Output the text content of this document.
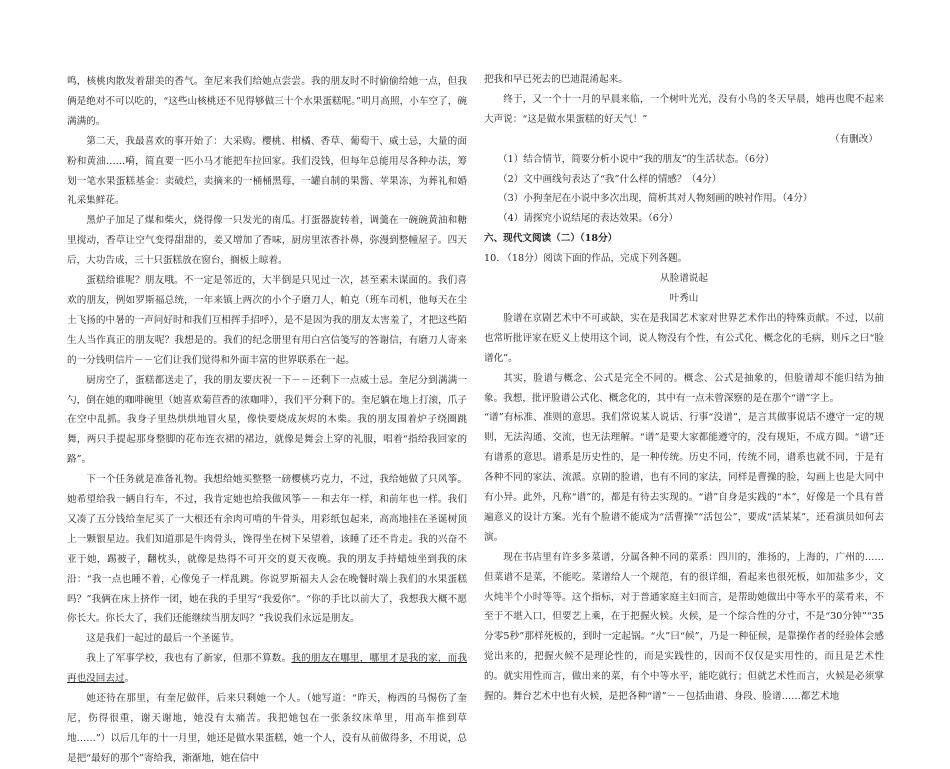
鸣，核桃肉散发着甜美的香气。奎尼来我们给她点尝尝。我的朋友时不时偷偷给她一点，但我俩是绝对不可以吃的，“这些山核桃还不见得够做三十个水果蛋糕呢。”明月高照，小车空了，碗满满的。

第二天，我最喜欢的事开始了：大采购。樱桃、柑橘、香草、葡萄干、威士忌，大量的面粉和黄油……嗬，简直要一匹小马才能把车拉回家。我们没钱，但每年总能用尽各种办法，筹划一笔水果蛋糕基金：卖破烂，卖摘来的一桶桶黑莓，一罐自制的果酱、苹果冻，为葬礼和婚礼采集鲜花。

黑炉子加足了煤和柴火，烧得像一只发光的南瓜。打蛋器旋转着，调羹在一碗碗黄油和糖里搅动，香草让空气变得甜甜的，姜又增加了香味，厨房里浓香扑鼻，弥漫到整幢屋子。四天后，大功告成，三十只蛋糕放在窗台，搁板上晾着。

蛋糕给谁呢？朋友哦。不一定是邻近的，大半倒是只见过一次，甚至素未谋面的。我们喜欢的朋友，例如罗斯福总统，一年来镇上两次的小个子磨刀人，帕克（班车司机，他每天在尘土飞扬的中暑的一声问好时和我们互相挥手招呼），是不是因为我的朋友太害羞了，才把这些陌生人当作真正的朋友呢？我想是的。我们的纪念册里有用白宫信笺写的答谢信，有磨刀人寄来的一分钱明信片－－它们让我们觉得和外面丰富的世界联系在一起。

厨房空了，蛋糕都送走了，我的朋友要庆祝一下－－还剩下一点威士忌。奎尼分到满满一勺，倒在她的咖啡碗里（她喜欢菊苣香的浓咖啡），我们平分剩下的。奎尼躺在地上打滚，爪子在空中乱抓。我身子里热烘烘地冒火星，像快要烧成灰烬的木柴。我的朋友围着炉子绕圈跳舞，两只手提起那身整脚的花布连衣裙的裙边，就像是舞会上穿的礼服，唱着“指给我回家的路”。

下一个任务就是准备礼物。我想给她买整整一磅樱桃巧克力，不过，我给她做了只风筝。她希望给我一辆自行车，不过，我肯定她也给我做风筝－－和去年一样，和前年也一样。我们又凑了五分钱给奎尼买了一大根还有余肉可啃的牛骨头，用彩纸包起来，高高地挂在圣诞树顶上一颗银星边。我们知道那是牛肉骨头，馋得坐在树下呆望着，该睡了还不肯走。我的兴奋不亚于她，踢被子，翻枕头，就像是热得不可开交的夏天夜晚。我的朋友手持蜡烛坐到我的床沿：“我一点也睡不着，心像兔子一样乱跳。你说罗斯福夫人会在晚餐时端上我们的水果蛋糕吗？”我俩在床上挤作一团，她在我的手里写“我爱你”。“你的手比以前大了，我想我大概不愿你长大。你长大了，我们还能继续当朋友吗？”我说我们永远是朋友。

这是我们一起过的最后一个圣诞节。

我上了军事学校，我也有了新家，但那不算数。我的朋友在哪里，哪里才是我的家，而我再也没回去过。

她还待在那里，有奎尼做伴，后来只剩她一个人。（她写道：“昨天，梅西的马惕伤了奎尼，伤得很重，谢天谢地，她没有太痛苦。我把她包在一张条纹床单里，用高车推到草地……”）以后几年的十一月里，她还是做水果蛋糕，她一个人，没有从前做得多，不用说，总是把“最好的那个”寄给我，渐渐地，她在信中

把我和早已死去的巴迪混淆起来。

终于，又一个十一月的早晨来临，一个树叶光光，没有小鸟的冬天早晨，她再也爬不起来大声说：“这是做水果蛋糕的好天气！”

（有删改）

（1）结合情节，简要分析小说中“我的朋友”的生活状态。（6分）

（2）文中画线句表达了“我”什么样的情感？（4分）

（3）小狗奎尼在小说中多次出现，简析其对人物刻画的映衬作用。（4分）

（4）请探究小说结尾的表达效果。（6分）

六、现代文阅读（二）（18分）

10. （18分）阅读下面的作品，完成下列各题。

从脸谱说起

叶秀山

脸谱在京剧艺术中不可或缺，实在是我国艺术家对世界艺术作出的特殊贡献。不过，以前也常听批评家在贬义上使用这个词，说人物没有个性，有公式化、概念化的毛病，则斥之曰“脸谱化”。

其实，脸谱与概念、公式是完全不同的。概念、公式是抽象的，但脸谱却不能归结为抽象。我想，批评脸谱公式化、概念化的，其中有一点未曾深察的是在那个“谱”字上。

“谱”有标准、准则的意思。我们常说某人说话、行事“没谱”，是言其做事说话不遵守一定的规则，无法沟通、交流，也无法理解。“谱”是要大家都能遵守的，没有规矩，不成方圆。“谱”还有谱系的意思。谱系是历史性的，是一种传统。历史不同，传统不同，谱系也就不同，于是有各种不同的家法、流派。京剧的脸谱，也有不同的家法，同样是曹操的脸，勾画上也是大同中有小异。此外，凡称“谱”的，都是有待去实现的。“谱”自身是实践的“本”，好像是一个具有普遍意义的设计方案。光有个脸谱不能成为“活曹操”“活包公”，要成“活某某”，还看演员如何去演。

现在书店里有许多多菜谱，分属各种不同的菜系：四川的，淮扬的，上海的，广州的……但菜谱不是菜，不能吃。菜谱给人一个规范，有的很详细，看起来也很死板，如加盐多少，文火炖半个小时等等。这个指标，对于普通家庭主妇而言，是帮助她做出中等水平的菜肴来，不至于不堪入口，但要艺上乘，在于把握火候。火候，是一个综合性的分寸，不是“30分钟”“35分零5秒”那样死板的，到时一定起锅。“火”曰“候”，乃是一种征候，是靠操作者的经验体会感觉出来的，把握火候不是理论性的，而是实践性的，因而不仅仅是实用性的，而且是艺术性的。就实用性而言，做出来的菜，有个中等水平，能吃就行；但就艺术性而言，火候是必须掌握的。舞台艺术中也有火候，是把各种“谱”－－包括曲谱、身段、脸谱……都艺术地
